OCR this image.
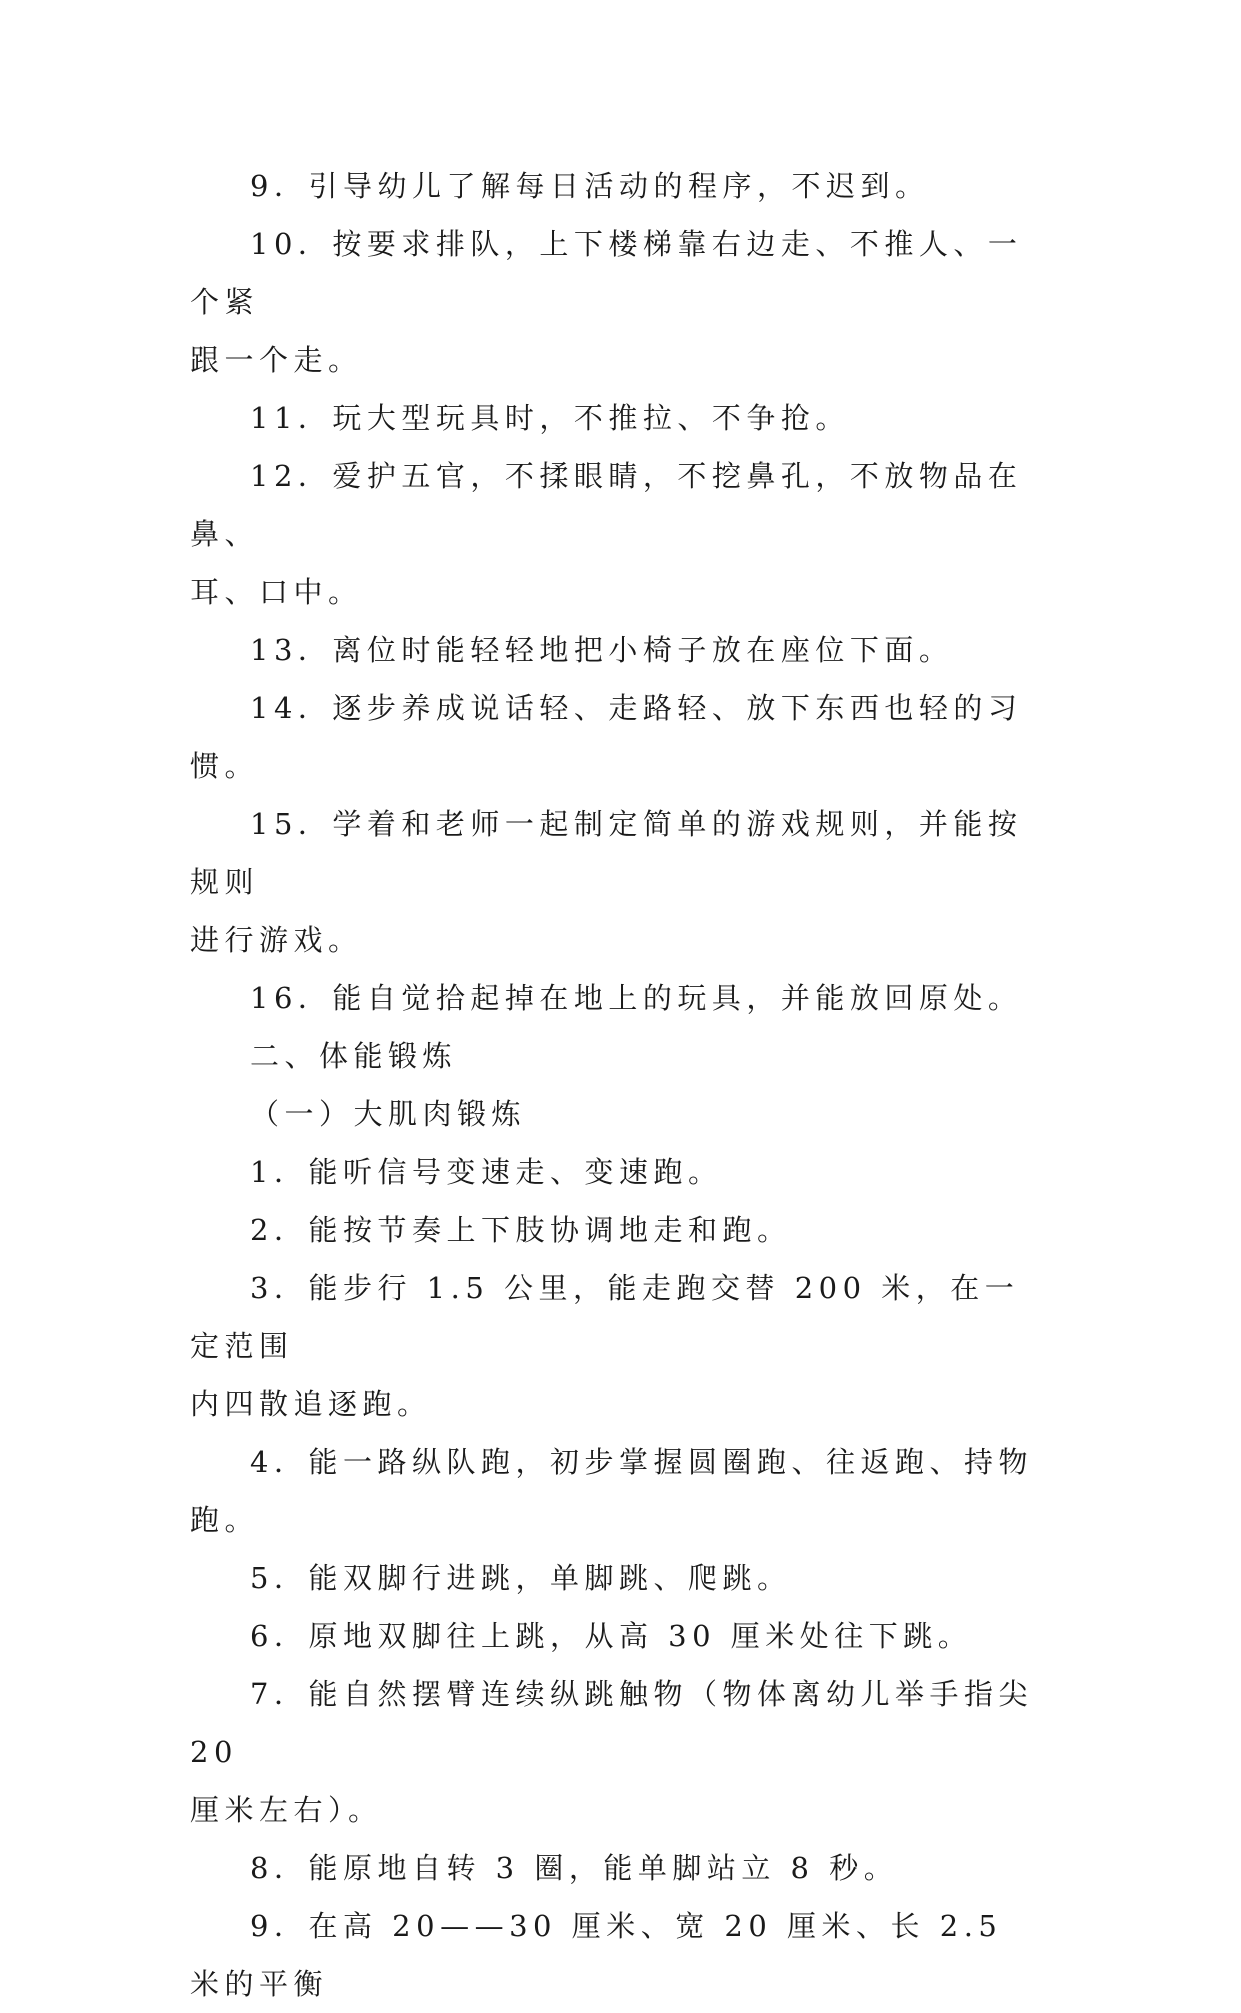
9．引导幼儿了解每日活动的程序，不迟到。

10．按要求排队，上下楼梯靠右边走、不推人、一个紧
跟一个走。

11．玩大型玩具时，不推拉、不争抢。

12．爱护五官，不揉眼睛，不挖鼻孔，不放物品在鼻、
耳、口中。

13．离位时能轻轻地把小椅子放在座位下面。

14．逐步养成说话轻、走路轻、放下东西也轻的习惯。

15．学着和老师一起制定简单的游戏规则，并能按规则
进行游戏。

16．能自觉拾起掉在地上的玩具，并能放回原处。

二、体能锻炼

（一）大肌肉锻炼

1．能听信号变速走、变速跑。

2．能按节奏上下肢协调地走和跑。

3．能步行 1.5 公里，能走跑交替 200 米，在一定范围
内四散追逐跑。

4．能一路纵队跑，初步掌握圆圈跑、往返跑、持物跑。

5．能双脚行进跳，单脚跳、爬跳。

6．原地双脚往上跳，从高 30 厘米处往下跳。

7．能自然摆臂连续纵跳触物（物体离幼儿举手指尖 20
厘米左右）。

8．能原地自转 3 圈，能单脚站立 8 秒。

9．在高 20——30 厘米、宽 20 厘米、长 2.5 米的平衡
